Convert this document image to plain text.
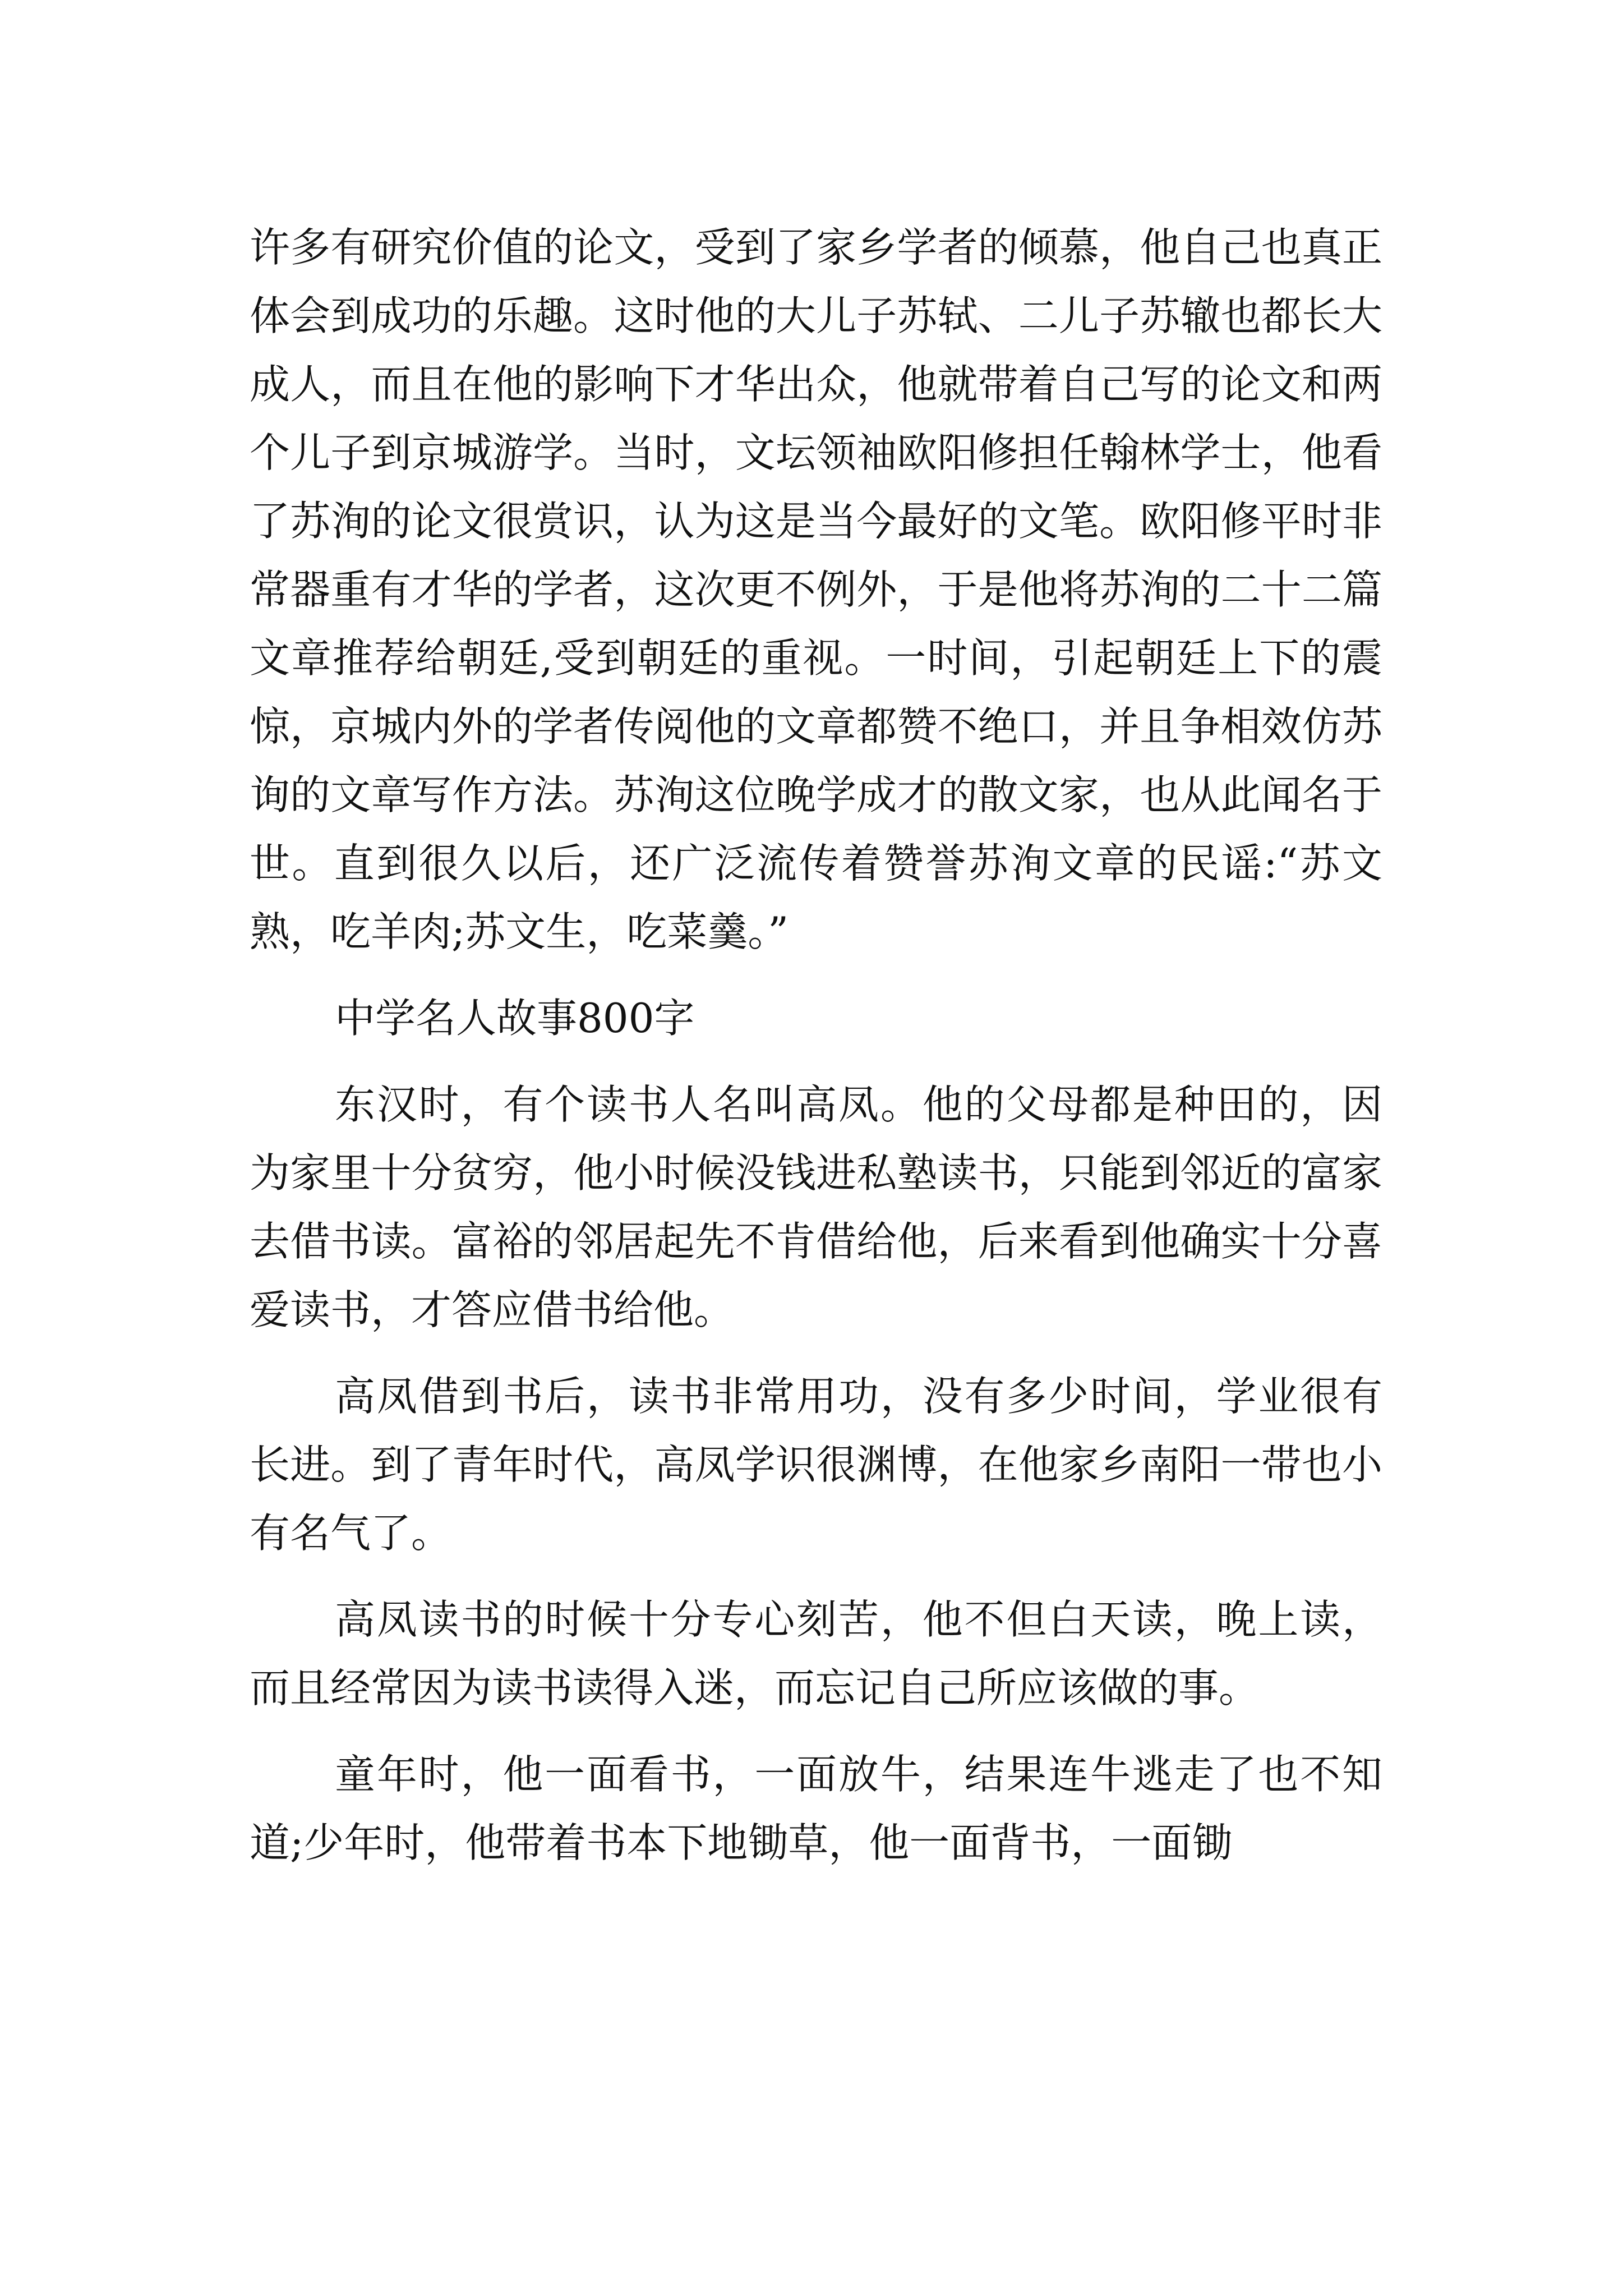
许多有研究价值的论文，受到了家乡学者的倾慕，他自己也真正体会到成功的乐趣。这时他的大儿子苏轼、二儿子苏辙也都长大成人，而且在他的影响下才华出众，他就带着自己写的论文和两个儿子到京城游学。当时，文坛领袖欧阳修担任翰林学士，他看了苏洵的论文很赏识，认为这是当今最好的文笔。欧阳修平时非常器重有才华的学者，这次更不例外，于是他将苏洵的二十二篇文章推荐给朝廷,受到朝廷的重视。一时间，引起朝廷上下的震惊，京城内外的学者传阅他的文章都赞不绝口，并且争相效仿苏询的文章写作方法。苏洵这位晚学成才的散文家，也从此闻名于世。直到很久以后，还广泛流传着赞誉苏洵文章的民谣:“苏文熟，吃羊肉;苏文生，吃菜羹。”

中学名人故事800字

东汉时，有个读书人名叫高凤。他的父母都是种田的，因为家里十分贫穷，他小时候没钱进私塾读书，只能到邻近的富家去借书读。富裕的邻居起先不肯借给他，后来看到他确实十分喜爱读书，才答应借书给他。

高凤借到书后，读书非常用功，没有多少时间，学业很有长进。到了青年时代，高凤学识很渊博，在他家乡南阳一带也小有名气了。

高凤读书的时候十分专心刻苦，他不但白天读，晚上读，而且经常因为读书读得入迷，而忘记自己所应该做的事。

童年时，他一面看书，一面放牛，结果连牛逃走了也不知道;少年时，他带着书本下地锄草，他一面背书，一面锄
